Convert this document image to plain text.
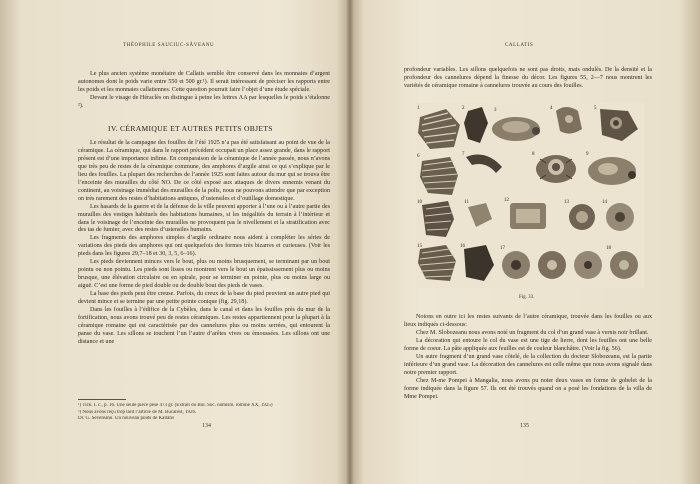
THÉOPHILE SAUCIUC-SĂVEANU

Le plus ancien système monétaire de Callatis semble être conservé dans les monnaies d’argent autonomes dont le poids varie entre 550 et 500 gr.¹). Il serait intéressant de préciser les rapports entre les poids et les monnaies callatiennes. Cette question pourrait faire l’objet d’une étude spéciale.

Devant le visage de Héraclès on distingue à peine les lettres ΛΑ par lesquelles le poids s’étalonne ²).

IV. CÉRAMIQUE ET AUTRES PETITS OBJETS

Le résultat de la campagne des fouilles de l’été 1925 n’a pas été satisfaisant au point de vue de la céramique. La céramique, qui dans le rapport précédent occupait un place assez grande, dans le rapport présent est d’une importance infime. En comparaison de la céramique de l’année passée, nous n’avons que très peu de restes de la céramique commune, des amphores d’argile ainsi ce qui s’explique par le lieu des fouilles. La plupart des recherches de l’année 1925 sont faites autour du mur qui se trouva être l’enceinte des murailles du côté NO. De ce côté exposé aux attaques de divers ennemis venant du continent, au voisinage immédiat des murailles de la polis, nous ne pouvons attendre que par exception on très rarement des restes d’habitations antiques, d’ustensiles et d’outillage domestique.

Les hasards de la guerre et de la défense de la ville peuvent apporter à l’une ou à l’autre partie des murailles des vestiges habituels des habitations humaines, si les inégalités du terrain à l’intérieur et dans le voisinage de l’enceinte des murailles ne provoquent pas le nivellement et la stratification avec des tas de fumier, avec des restes d’ustensiles humains.

Les fragments des amphores simples d’argile ordinaire nous aident à compléter les séries de variations des pieds des amphores qui ont quelquefois des formes très bizarres et curieuses. (Voir les pieds dans les figures 29,7–18 et 30, 3, 5, 6–16).

Les pieds deviennent minces vers le bout, plus ou moins brusquement, se terminant par un bout pointu ou non pointu. Les pieds sont lisses ou montrent vers le bout un épaississement plus ou moins brusque, une élévation circulaire ou en spirale, pour se terminer en pointe, plus ou moins large ou aiguë. C’est une forme de pied double ou de double bout des pieds de vases.

La base des pieds peut être creuse. Parfois, du creux de la base du pied peuvient un autre pied qui devient mince et se termine par une petite pointe conique (fig. 29,18).

Dans les fouilles à l’édifice de la Cybèles, dans le canal et dans les fouilles près du mur de la fortification, nous avons trouvé peu de restes céramiques. Les restes appartiennent pour la plupart à la céramique romaine qui est caractérisée par des cannelures plus ou moins serrées, qui entourent la panse du vase. Les sillons se touchent l’un l’autre d’arêtes vives ou émoussées. Les sillons ont une distance et une

¹) Tick. I. c., p. 16. Une seule pièce pèse 473 gr. (Extrait du Bul. Soc. numism. romîne XX, 1925)

²) Nous avons reçu trop tard l’article de M. Bucarest, 1926.

Dr. G. Severeanu. Un nouveau poids de Kallatis

134
CALLATIS

profondeur variables. Les sillons quelquefois ne sont pas droits, mais ondulés. De la densité et la profondeur des cannelures dépend la finesse du décor. Les figures 55, 2—7 nous montrent les variétés de céramique romaine à cannelures trouvée au cours des fouilles.

1	2	3	4	5
6	7	8	9
10	11	12	13	14
15	16	17	18
Fig. 33.

Notons en outre ici les restes suivants de l’autre céramique, trouvée dans les fouilles ou aux lieux indiqués ci-dessous:

Chez M. Slobozeanu nous avons noté un fragment du col d’un grand vase à vernis noir brillant.

La décoration qui entoure le col du vase est une tige de lierre, dont les feuilles ont une belle forme de coeur. La pâte appliquée aux feuilles est de couleur blanchâtre. (Voir la fig. 56).

Un autre fragment d’un grand vase côtelé, de la collection du docteur Slobozeanu, est la partie inférieure d’un grand vase. La décoration des cannelures est celle même que nous avons signalé dans notre premier rapport.

Chez M-me Pompei à Mangalia, nous avons pu noter deux vases en forme de gobelet de la forme indiquée dans la figure 57. Ils ont été trouvés quand on a posé les fondations de la villa de Mme Pompei.

135
